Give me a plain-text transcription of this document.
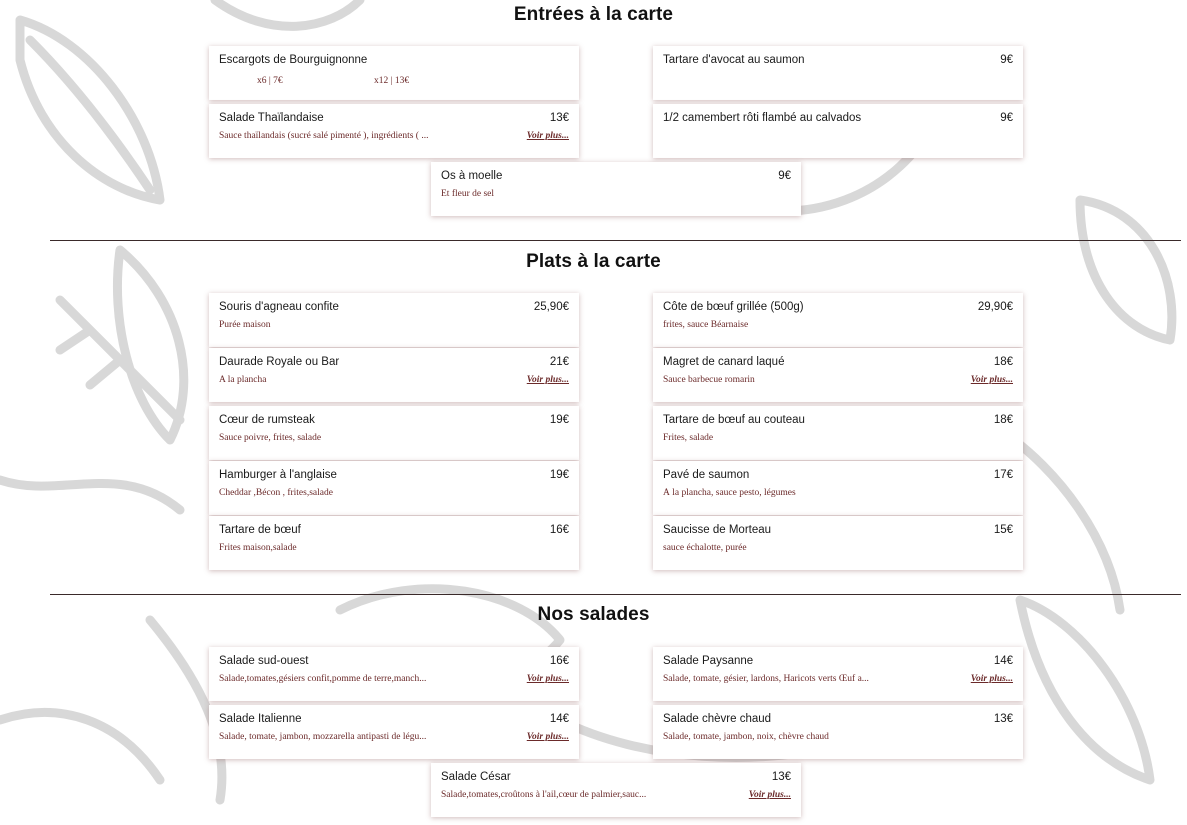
Entrées à la carte
Escargots de Bourguignonne
x6 | 7€	x12 | 13€
Tartare d'avocat au saumon	9€
Salade Thaïlandaise	13€
Sauce thaïlandais (sucré salé pimenté ), ingrédients ( ...	Voir plus...
1/2 camembert rôti flambé au calvados	9€
Os à moelle	9€
Et fleur de sel
Plats à la carte
Souris d'agneau confite	25,90€
Purée maison
Côte de bœuf grillée (500g)	29,90€
frites, sauce Béarnaise
Daurade Royale ou Bar	21€
A la plancha	Voir plus...
Magret de canard laqué	18€
Sauce barbecue romarin	Voir plus...
Cœur de rumsteak	19€
Sauce poivre, frites, salade
Tartare de bœuf au couteau	18€
Frites, salade
Hamburger à l'anglaise	19€
Cheddar ,Bécon , frites,salade
Pavé de saumon	17€
À la plancha, sauce pesto, légumes
Tartare de bœuf	16€
Frites maison,salade
Saucisse de Morteau	15€
sauce échalotte, purée
Nos salades
Salade sud-ouest	16€
Salade,tomates,gésiers confit,pomme de terre,manch...	Voir plus...
Salade Paysanne	14€
Salade, tomate, gésier, lardons, Haricots verts Œuf a...	Voir plus...
Salade Italienne	14€
Salade, tomate, jambon, mozzarella antipasti de légu...	Voir plus...
Salade chèvre chaud	13€
Salade, tomate, jambon, noix, chèvre chaud
Salade César	13€
Salade,tomates,croûtons à l'ail,cœur de palmier,sauc...	Voir plus...
